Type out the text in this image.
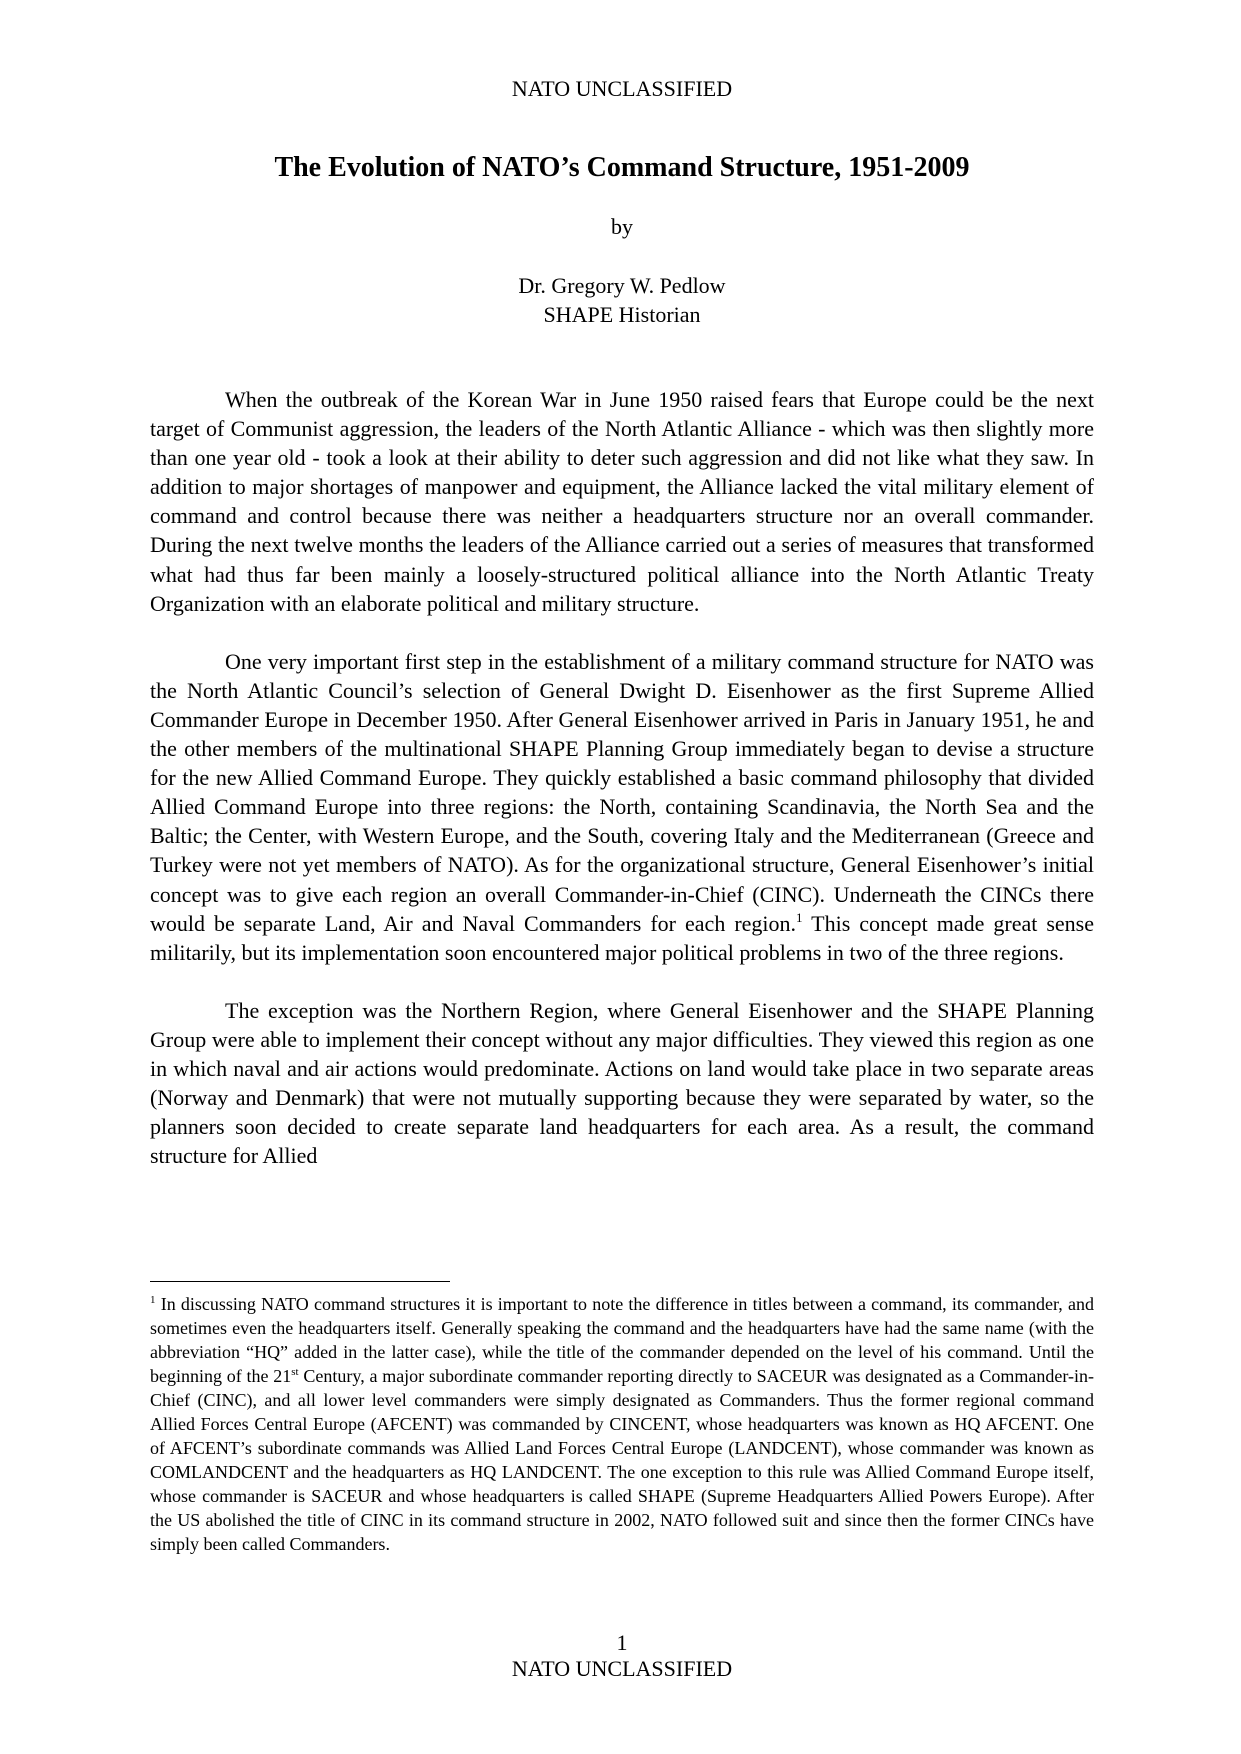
NATO UNCLASSIFIED
The Evolution of NATO’s Command Structure, 1951-2009
by
Dr. Gregory W. Pedlow
SHAPE Historian

When the outbreak of the Korean War in June 1950 raised fears that Europe could be the next target of Communist aggression, the leaders of the North Atlantic Alliance - which was then slightly more than one year old - took a look at their ability to deter such aggression and did not like what they saw. In addition to major shortages of manpower and equipment, the Alliance lacked the vital military element of command and control because there was neither a headquarters structure nor an overall commander. During the next twelve months the leaders of the Alliance carried out a series of measures that transformed what had thus far been mainly a loosely-structured political alliance into the North Atlantic Treaty Organization with an elaborate political and military structure.

One very important first step in the establishment of a military command structure for NATO was the North Atlantic Council’s selection of General Dwight D. Eisenhower as the first Supreme Allied Commander Europe in December 1950. After General Eisenhower arrived in Paris in January 1951, he and the other members of the multinational SHAPE Planning Group immediately began to devise a structure for the new Allied Command Europe. They quickly established a basic command philosophy that divided Allied Command Europe into three regions: the North, containing Scandinavia, the North Sea and the Baltic; the Center, with Western Europe, and the South, covering Italy and the Mediterranean (Greece and Turkey were not yet members of NATO). As for the organizational structure, General Eisenhower’s initial concept was to give each region an overall Commander-in-Chief (CINC). Underneath the CINCs there would be separate Land, Air and Naval Commanders for each region.$^1$ This concept made great sense militarily, but its implementation soon encountered major political problems in two of the three regions.

The exception was the Northern Region, where General Eisenhower and the SHAPE Planning Group were able to implement their concept without any major difficulties. They viewed this region as one in which naval and air actions would predominate. Actions on land would take place in two separate areas (Norway and Denmark) that were not mutually supporting because they were separated by water, so the planners soon decided to create separate land headquarters for each area. As a result, the command structure for Allied

$^1$ In discussing NATO command structures it is important to note the difference in titles between a command, its commander, and sometimes even the headquarters itself. Generally speaking the command and the headquarters have had the same name (with the abbreviation “HQ” added in the latter case), while the title of the commander depended on the level of his command. Until the beginning of the 21st Century, a major subordinate commander reporting directly to SACEUR was designated as a Commander-in-Chief (CINC), and all lower level commanders were simply designated as Commanders. Thus the former regional command Allied Forces Central Europe (AFCENT) was commanded by CINCENT, whose headquarters was known as HQ AFCENT. One of AFCENT’s subordinate commands was Allied Land Forces Central Europe (LANDCENT), whose commander was known as COMLANDCENT and the headquarters as HQ LANDCENT. The one exception to this rule was Allied Command Europe itself, whose commander is SACEUR and whose headquarters is called SHAPE (Supreme Headquarters Allied Powers Europe). After the US abolished the title of CINC in its command structure in 2002, NATO followed suit and since then the former CINCs have simply been called Commanders.

1
NATO UNCLASSIFIED
